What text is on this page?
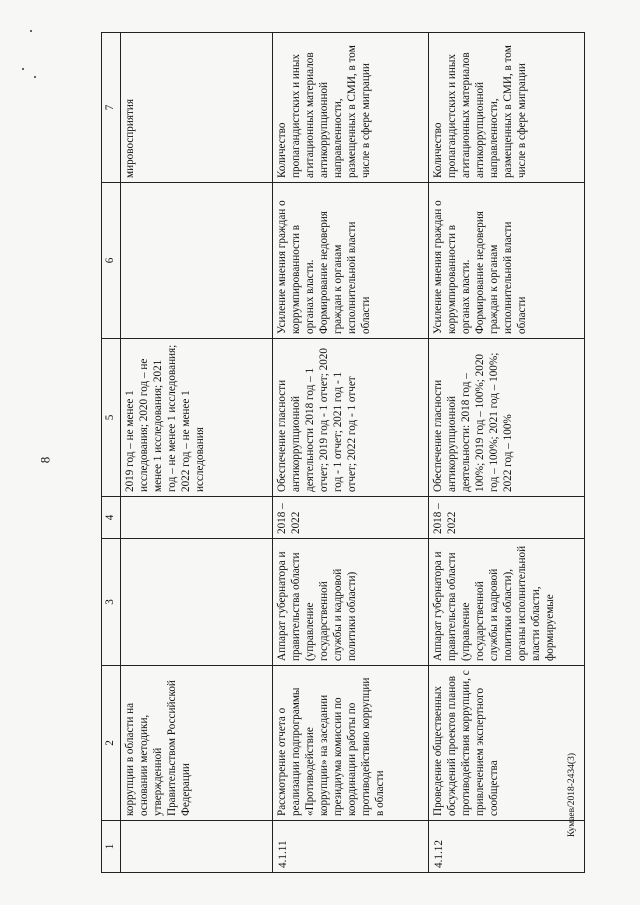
8
Кумаев/2018-2434(3)
1	2	3	4	5	6	7
	коррупции в области на основании методики, утвержденной Правительством Российской Федерации			2019 год – не менее 1 исследования; 2020 год – не менее 1 исследования; 2021 год – не менее 1 исследования; 2022 год – не менее 1 исследования		мировосприятия
4.1.11	Рассмотрение отчета о реализации подпрограммы «Противодействие коррупции» на заседании президиума комиссии по координации работы по противодействию коррупции в области	Аппарат губернатора и правительства области (управление государственной службы и кадровой политики области)	2018 – 2022	Обеспечение гласности антикоррупционной деятельности 2018 год – 1 отчет; 2019 год - 1 отчет; 2020 год - 1 отчет; 2021 год - 1 отчет; 2022 год - 1 отчет	Усиление мнения граждан о коррумпированности в органах власти. Формирование недоверия граждан к органам исполнительной власти области	Количество пропагандистских и иных агитационных материалов антикоррупционной направленности, размещенных в СМИ, в том числе в сфере миграции
4.1.12	Проведение общественных обсуждений проектов планов противодействия коррупции, с привлечением экспертного сообщества	Аппарат губернатора и правительства области (управление государственной службы и кадровой политики области), органы исполнительной власти области, формируемые	2018 – 2022	Обеспечение гласности антикоррупционной деятельности: 2018 год – 100%; 2019 год – 100%; 2020 год – 100%; 2021 год – 100%; 2022 год – 100%	Усиление мнения граждан о коррумпированности в органах власти. Формирование недоверия граждан к органам исполнительной власти области	Количество пропагандистских и иных агитационных материалов антикоррупционной направленности, размещенных в СМИ, в том числе в сфере миграции
